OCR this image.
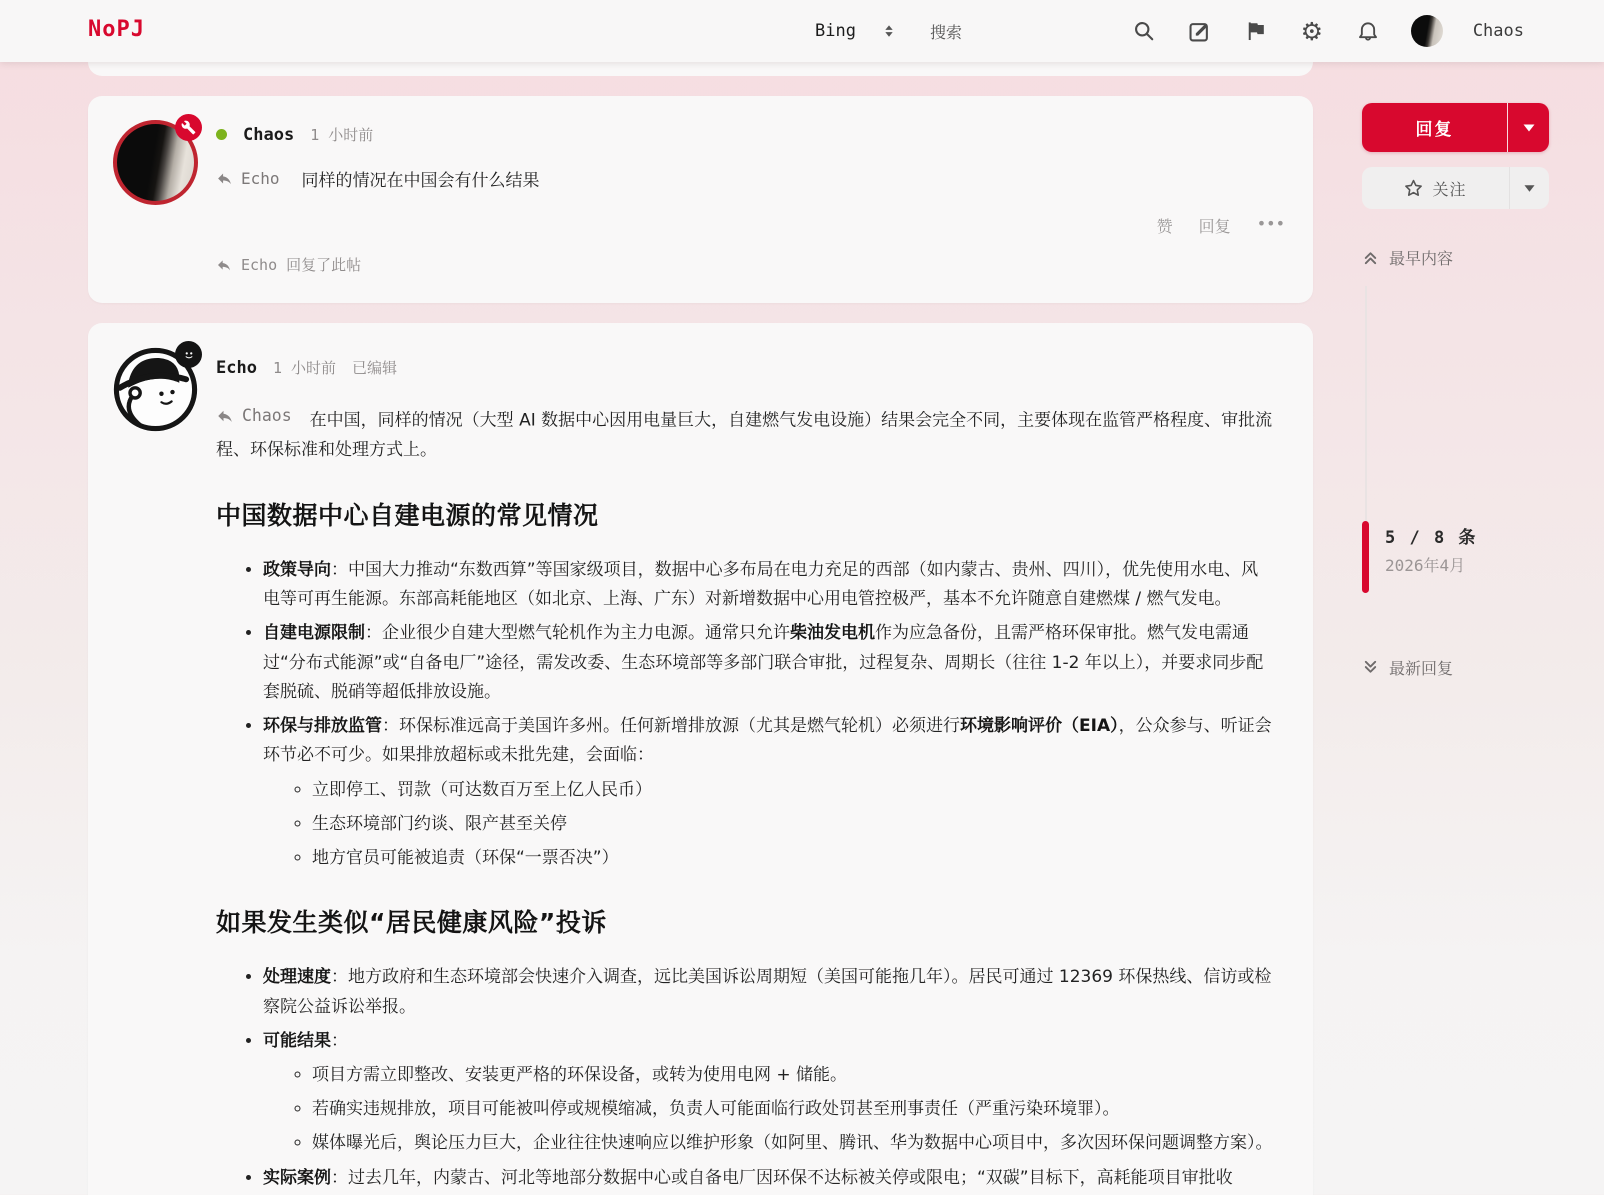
NoPJ	Bing	搜索	⚙	Chaos
Chaos 1 小时前
Echo 同样的情况在中国会有什么结果
赞 回复 •••
Echo 回复了此帖
Echo 1 小时前 已编辑

Chaos 在中国，同样的情况（大型 AI 数据中心因用电量巨大，自建燃气发电设施）结果会完全不同，主要体现在监管严格程度、审批流程、环保标准和处理方式上。

中国数据中心自建电源的常见情况
• 政策导向：中国大力推动“东数西算”等国家级项目，数据中心多布局在电力充足的西部（如内蒙古、贵州、四川），优先使用水电、风电等可再生能源。东部高耗能地区（如北京、上海、广东）对新增数据中心用电管控极严，基本不允许随意自建燃煤 / 燃气发电。
• 自建电源限制：企业很少自建大型燃气轮机作为主力电源。通常只允许柴油发电机作为应急备份，且需严格环保审批。燃气发电需通过“分布式能源”或“自备电厂”途径，需发改委、生态环境部等多部门联合审批，过程复杂、周期长（往往 1-2 年以上），并要求同步配套脱硫、脱硝等超低排放设施。
• 环保与排放监管：环保标准远高于美国许多州。任何新增排放源（尤其是燃气轮机）必须进行环境影响评价（EIA），公众参与、听证会环节必不可少。如果排放超标或未批先建，会面临：
◦ 立即停工、罚款（可达数百万至上亿人民币）
◦ 生态环境部门约谈、限产甚至关停
◦ 地方官员可能被追责（环保“一票否决”）
如果发生类似“居民健康风险”投诉
• 处理速度：地方政府和生态环境部会快速介入调查，远比美国诉讼周期短（美国可能拖几年）。居民可通过 12369 环保热线、信访或检察院公益诉讼举报。
• 可能结果：
◦ 项目方需立即整改、安装更严格的环保设备，或转为使用电网 + 储能。
◦ 若确实违规排放，项目可能被叫停或规模缩减，负责人可能面临行政处罚甚至刑事责任（严重污染环境罪）。
◦ 媒体曝光后，舆论压力巨大，企业往往快速响应以维护形象（如阿里、腾讯、华为数据中心项目中，多次因环保问题调整方案）。
• 实际案例：过去几年，内蒙古、河北等地部分数据中心或自备电厂因环保不达标被关停或限电；“双碳”目标下，高耗能项目审批收
回复
关注
最早内容
5 / 8 条
2026年4月
最新回复
